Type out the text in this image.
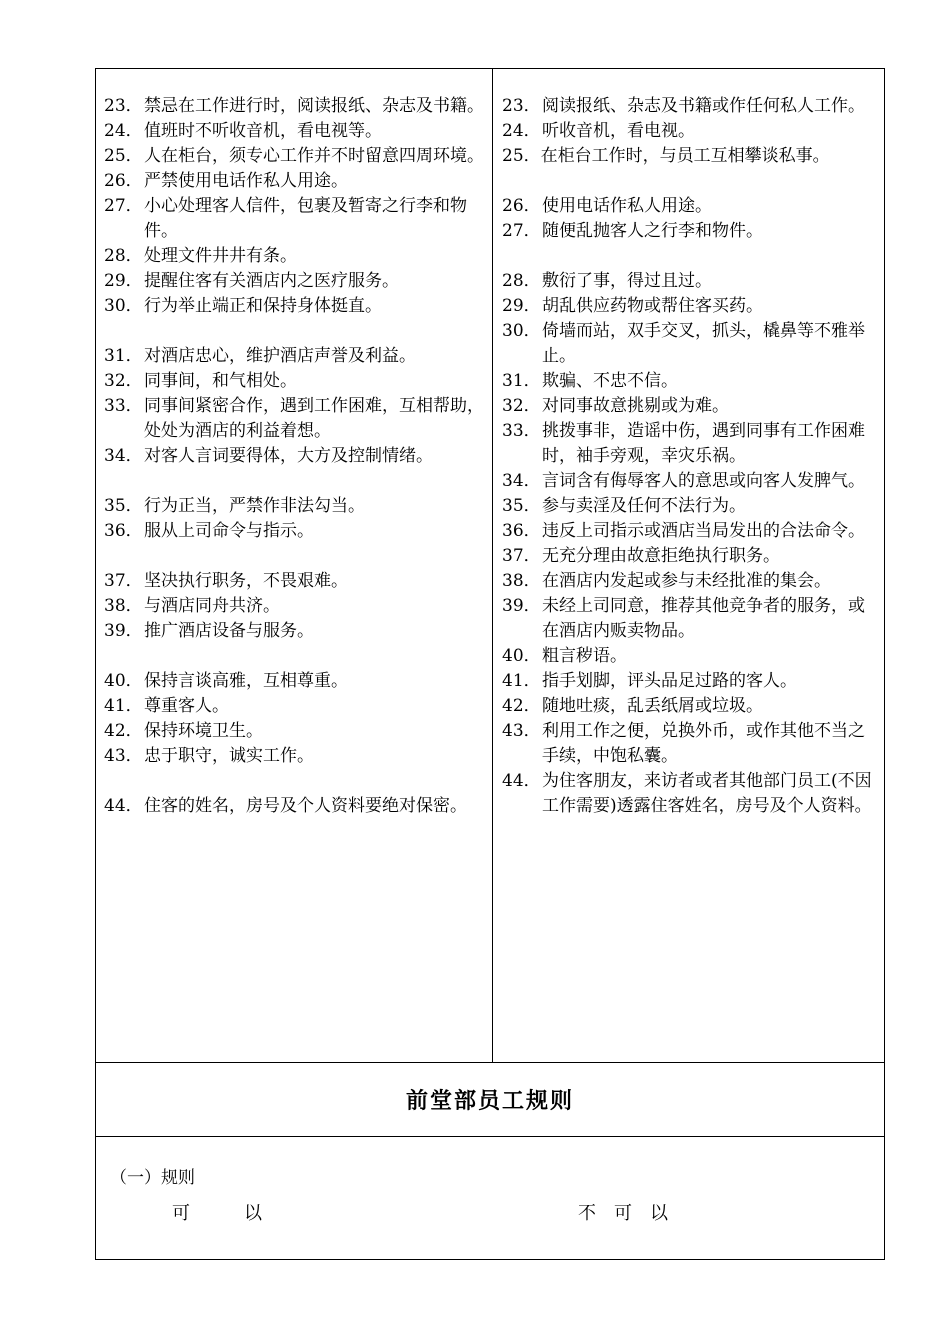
23． 禁忌在工作进行时，阅读报纸、杂志及书籍。
24． 值班时不听收音机，看电视等。
25． 人在柜台，须专心工作并不时留意四周环境。
26． 严禁使用电话作私人用途。
27． 小心处理客人信件，包裹及暂寄之行李和物件。
28． 处理文件井井有条。
29． 提醒住客有关酒店内之医疗服务。
30． 行为举止端正和保持身体挺直。
31． 对酒店忠心，维护酒店声誉及利益。
32． 同事间，和气相处。
33． 同事间紧密合作，遇到工作困难，互相帮助，处处为酒店的利益着想。
34． 对客人言词要得体，大方及控制情绪。
35． 行为正当，严禁作非法勾当。
36． 服从上司命令与指示。
37． 坚决执行职务，不畏艰难。
38． 与酒店同舟共济。
39． 推广酒店设备与服务。
40． 保持言谈高雅，互相尊重。
41． 尊重客人。
42． 保持环境卫生。
43． 忠于职守，诚实工作。
44． 住客的姓名，房号及个人资料要绝对保密。
23． 阅读报纸、杂志及书籍或作任何私人工作。
24． 听收音机，看电视。
25．在柜台工作时，与员工互相攀谈私事。
26． 使用电话作私人用途。
27． 随便乱抛客人之行李和物件。
28． 敷衍了事，得过且过。
29． 胡乱供应药物或帮住客买药。
30． 倚墙而站，双手交叉，抓头，橇鼻等不雅举止。
31． 欺骗、不忠不信。
32． 对同事故意挑剔或为难。
33． 挑拨事非，造谣中伤，遇到同事有工作困难时，袖手旁观，幸灾乐祸。
34． 言词含有侮辱客人的意思或向客人发脾气。
35． 参与卖淫及任何不法行为。
36． 违反上司指示或酒店当局发出的合法命令。
37． 无充分理由故意拒绝执行职务。
38． 在酒店内发起或参与未经批准的集会。
39． 未经上司同意，推荐其他竞争者的服务，或在酒店内贩卖物品。
40． 粗言秽语。
41． 指手划脚，评头品足过路的客人。
42． 随地吐痰，乱丢纸屑或垃圾。
43． 利用工作之便，兑换外币，或作其他不当之手续，中饱私囊。
44． 为住客朋友，来访者或者其他部门员工(不因工作需要)透露住客姓名，房号及个人资料。
前堂部员工规则
（一）规则
可　　　以	不　可　以
